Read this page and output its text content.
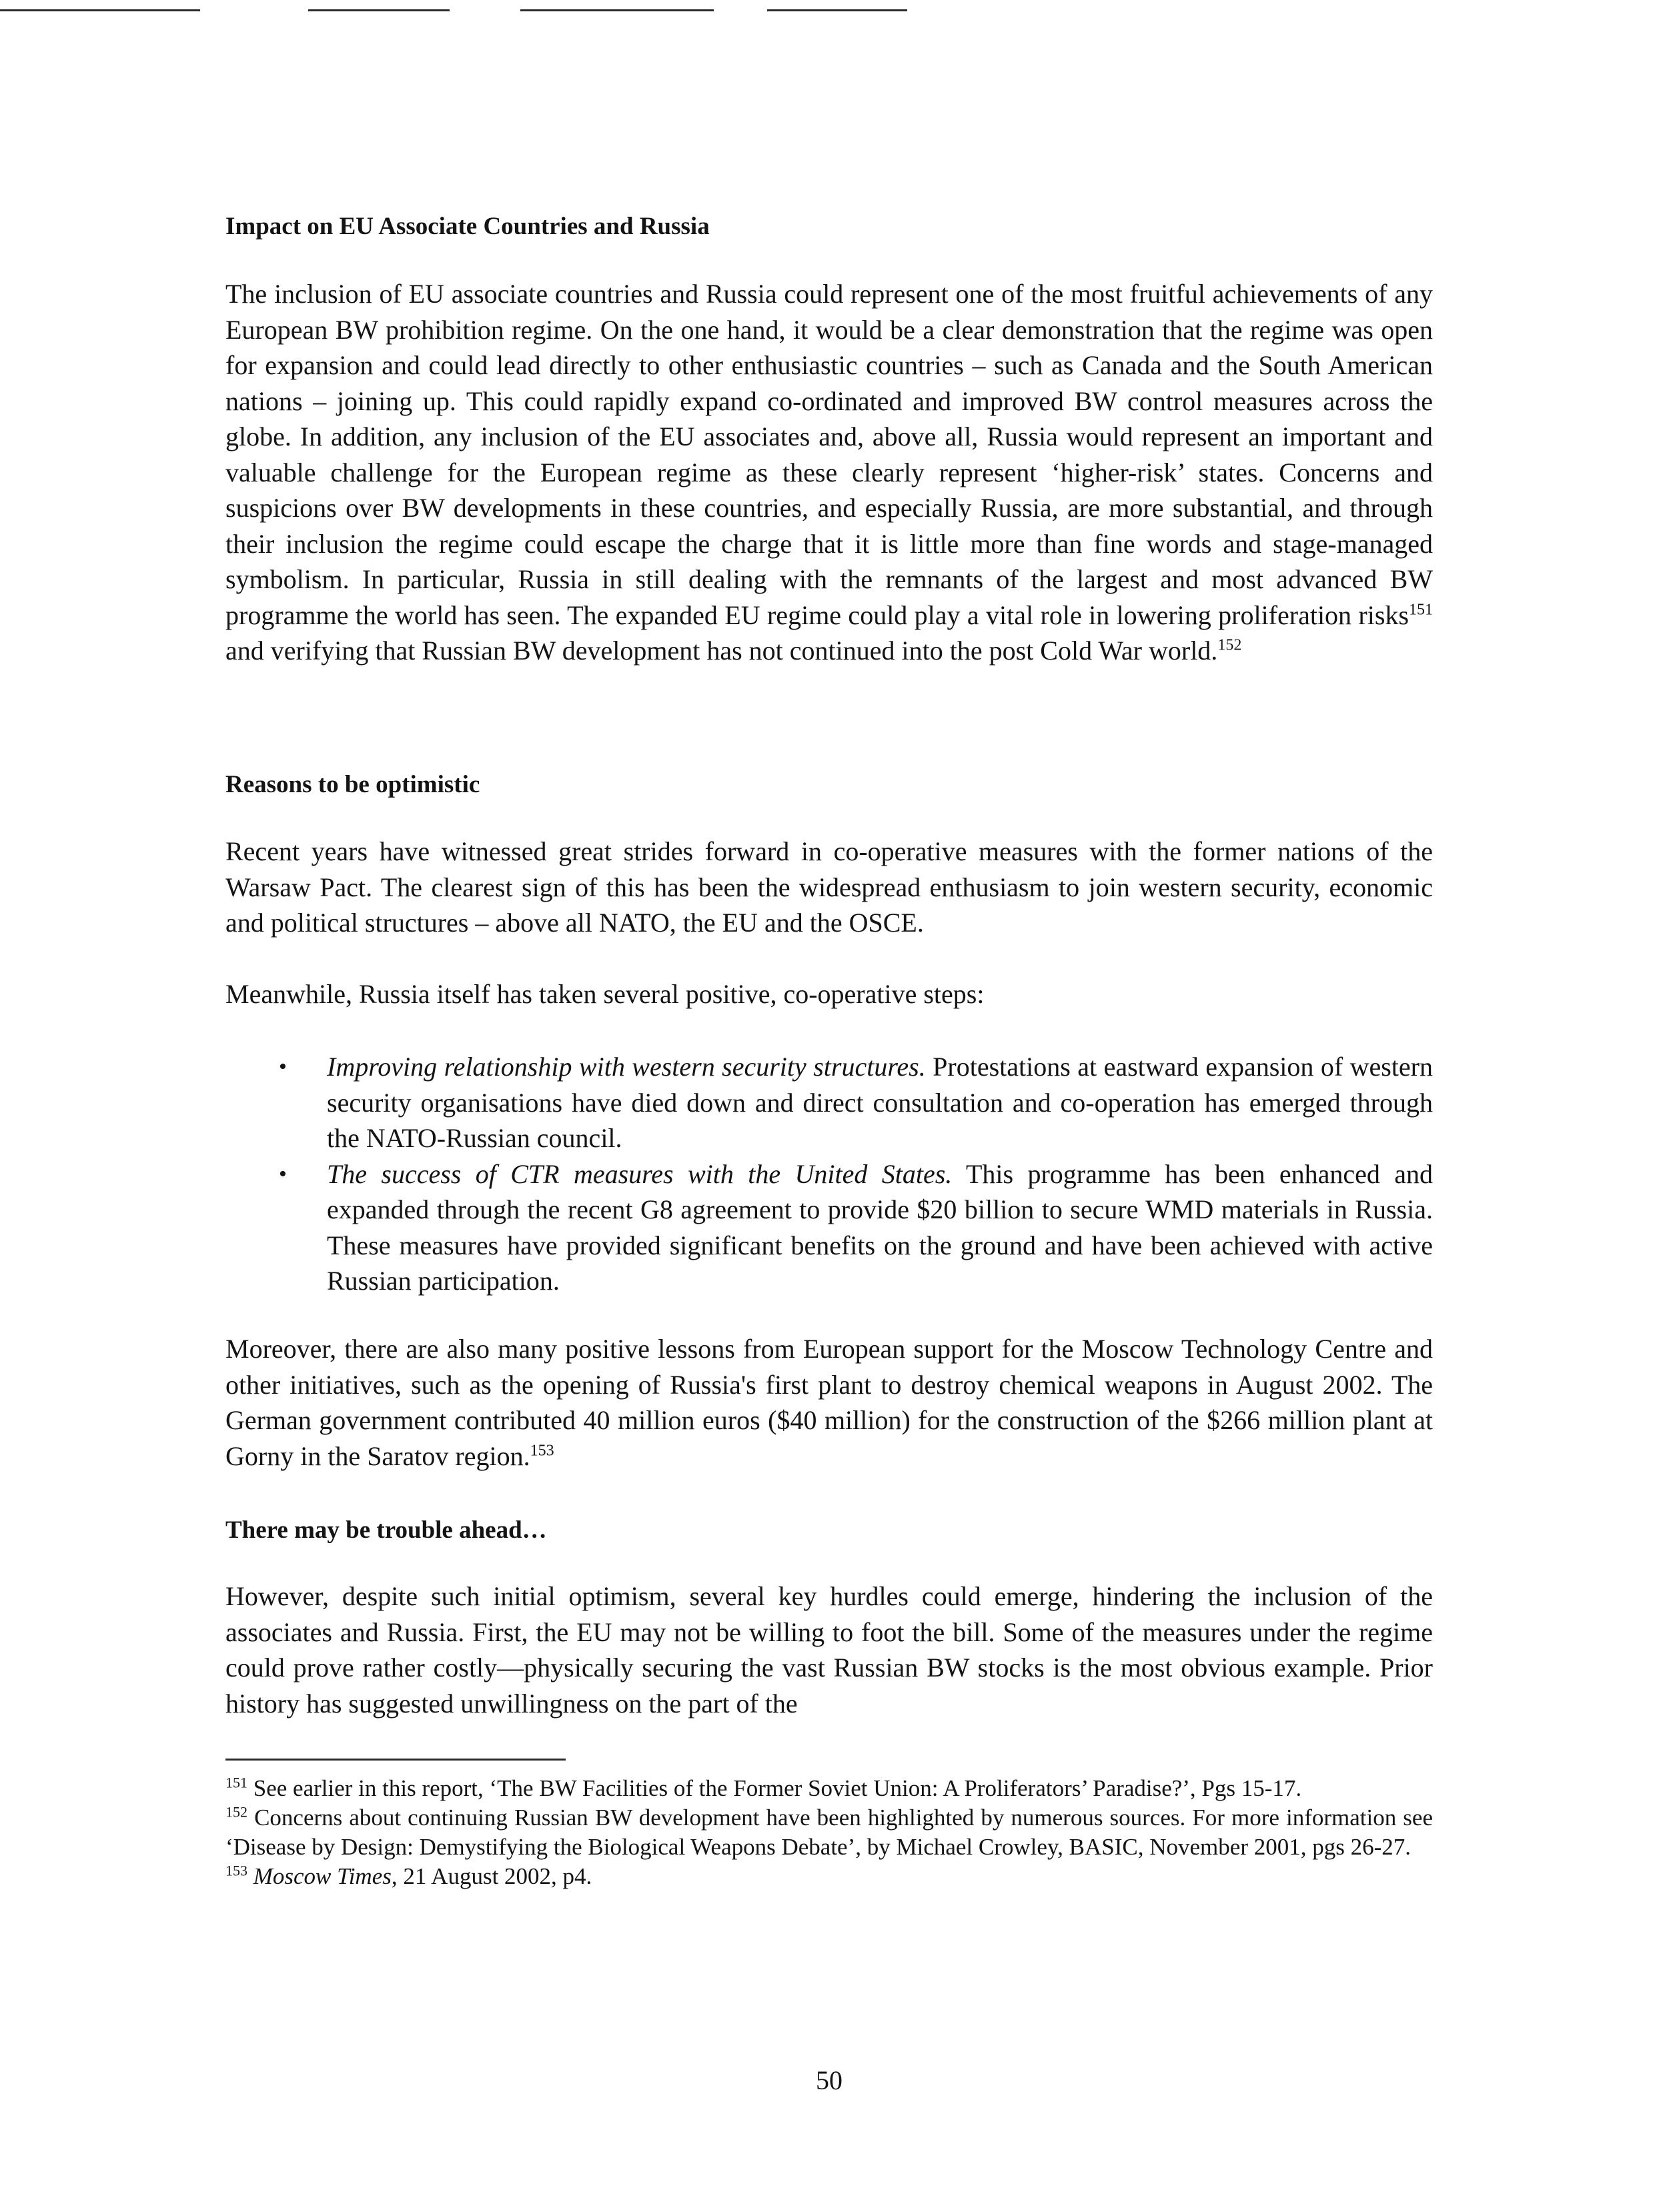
Impact on EU Associate Countries and Russia

The inclusion of EU associate countries and Russia could represent one of the most fruitful achievements of any European BW prohibition regime. On the one hand, it would be a clear demonstration that the regime was open for expansion and could lead directly to other enthusiastic countries – such as Canada and the South American nations – joining up. This could rapidly expand co-ordinated and improved BW control measures across the globe. In addition, any inclusion of the EU associates and, above all, Russia would represent an important and valuable challenge for the European regime as these clearly represent ‘higher-risk’ states. Concerns and suspicions over BW developments in these countries, and especially Russia, are more substantial, and through their inclusion the regime could escape the charge that it is little more than fine words and stage-managed symbolism. In particular, Russia in still dealing with the remnants of the largest and most advanced BW programme the world has seen. The expanded EU regime could play a vital role in lowering proliferation risks$^{151}$ and verifying that Russian BW development has not continued into the post Cold War world.$^{152}$

Reasons to be optimistic

Recent years have witnessed great strides forward in co-operative measures with the former nations of the Warsaw Pact. The clearest sign of this has been the widespread enthusiasm to join western security, economic and political structures – above all NATO, the EU and the OSCE.

Meanwhile, Russia itself has taken several positive, co-operative steps:

• Improving relationship with western security structures. Protestations at eastward expansion of western security organisations have died down and direct consultation and co-operation has emerged through the NATO-Russian council.
• The success of CTR measures with the United States. This programme has been enhanced and expanded through the recent G8 agreement to provide $20 billion to secure WMD materials in Russia. These measures have provided significant benefits on the ground and have been achieved with active Russian participation.

Moreover, there are also many positive lessons from European support for the Moscow Technology Centre and other initiatives, such as the opening of Russia's first plant to destroy chemical weapons in August 2002. The German government contributed 40 million euros ($40 million) for the construction of the $266 million plant at Gorny in the Saratov region.$^{153}$

There may be trouble ahead…

However, despite such initial optimism, several key hurdles could emerge, hindering the inclusion of the associates and Russia. First, the EU may not be willing to foot the bill. Some of the measures under the regime could prove rather costly—physically securing the vast Russian BW stocks is the most obvious example. Prior history has suggested unwillingness on the part of the

$^{151}$ See earlier in this report, ‘The BW Facilities of the Former Soviet Union: A Proliferators’ Paradise?’, Pgs 15-17.

$^{152}$ Concerns about continuing Russian BW development have been highlighted by numerous sources. For more information see ‘Disease by Design: Demystifying the Biological Weapons Debate’, by Michael Crowley, BASIC, November 2001, pgs 26-27.

$^{153}$ Moscow Times, 21 August 2002, p4.

50
